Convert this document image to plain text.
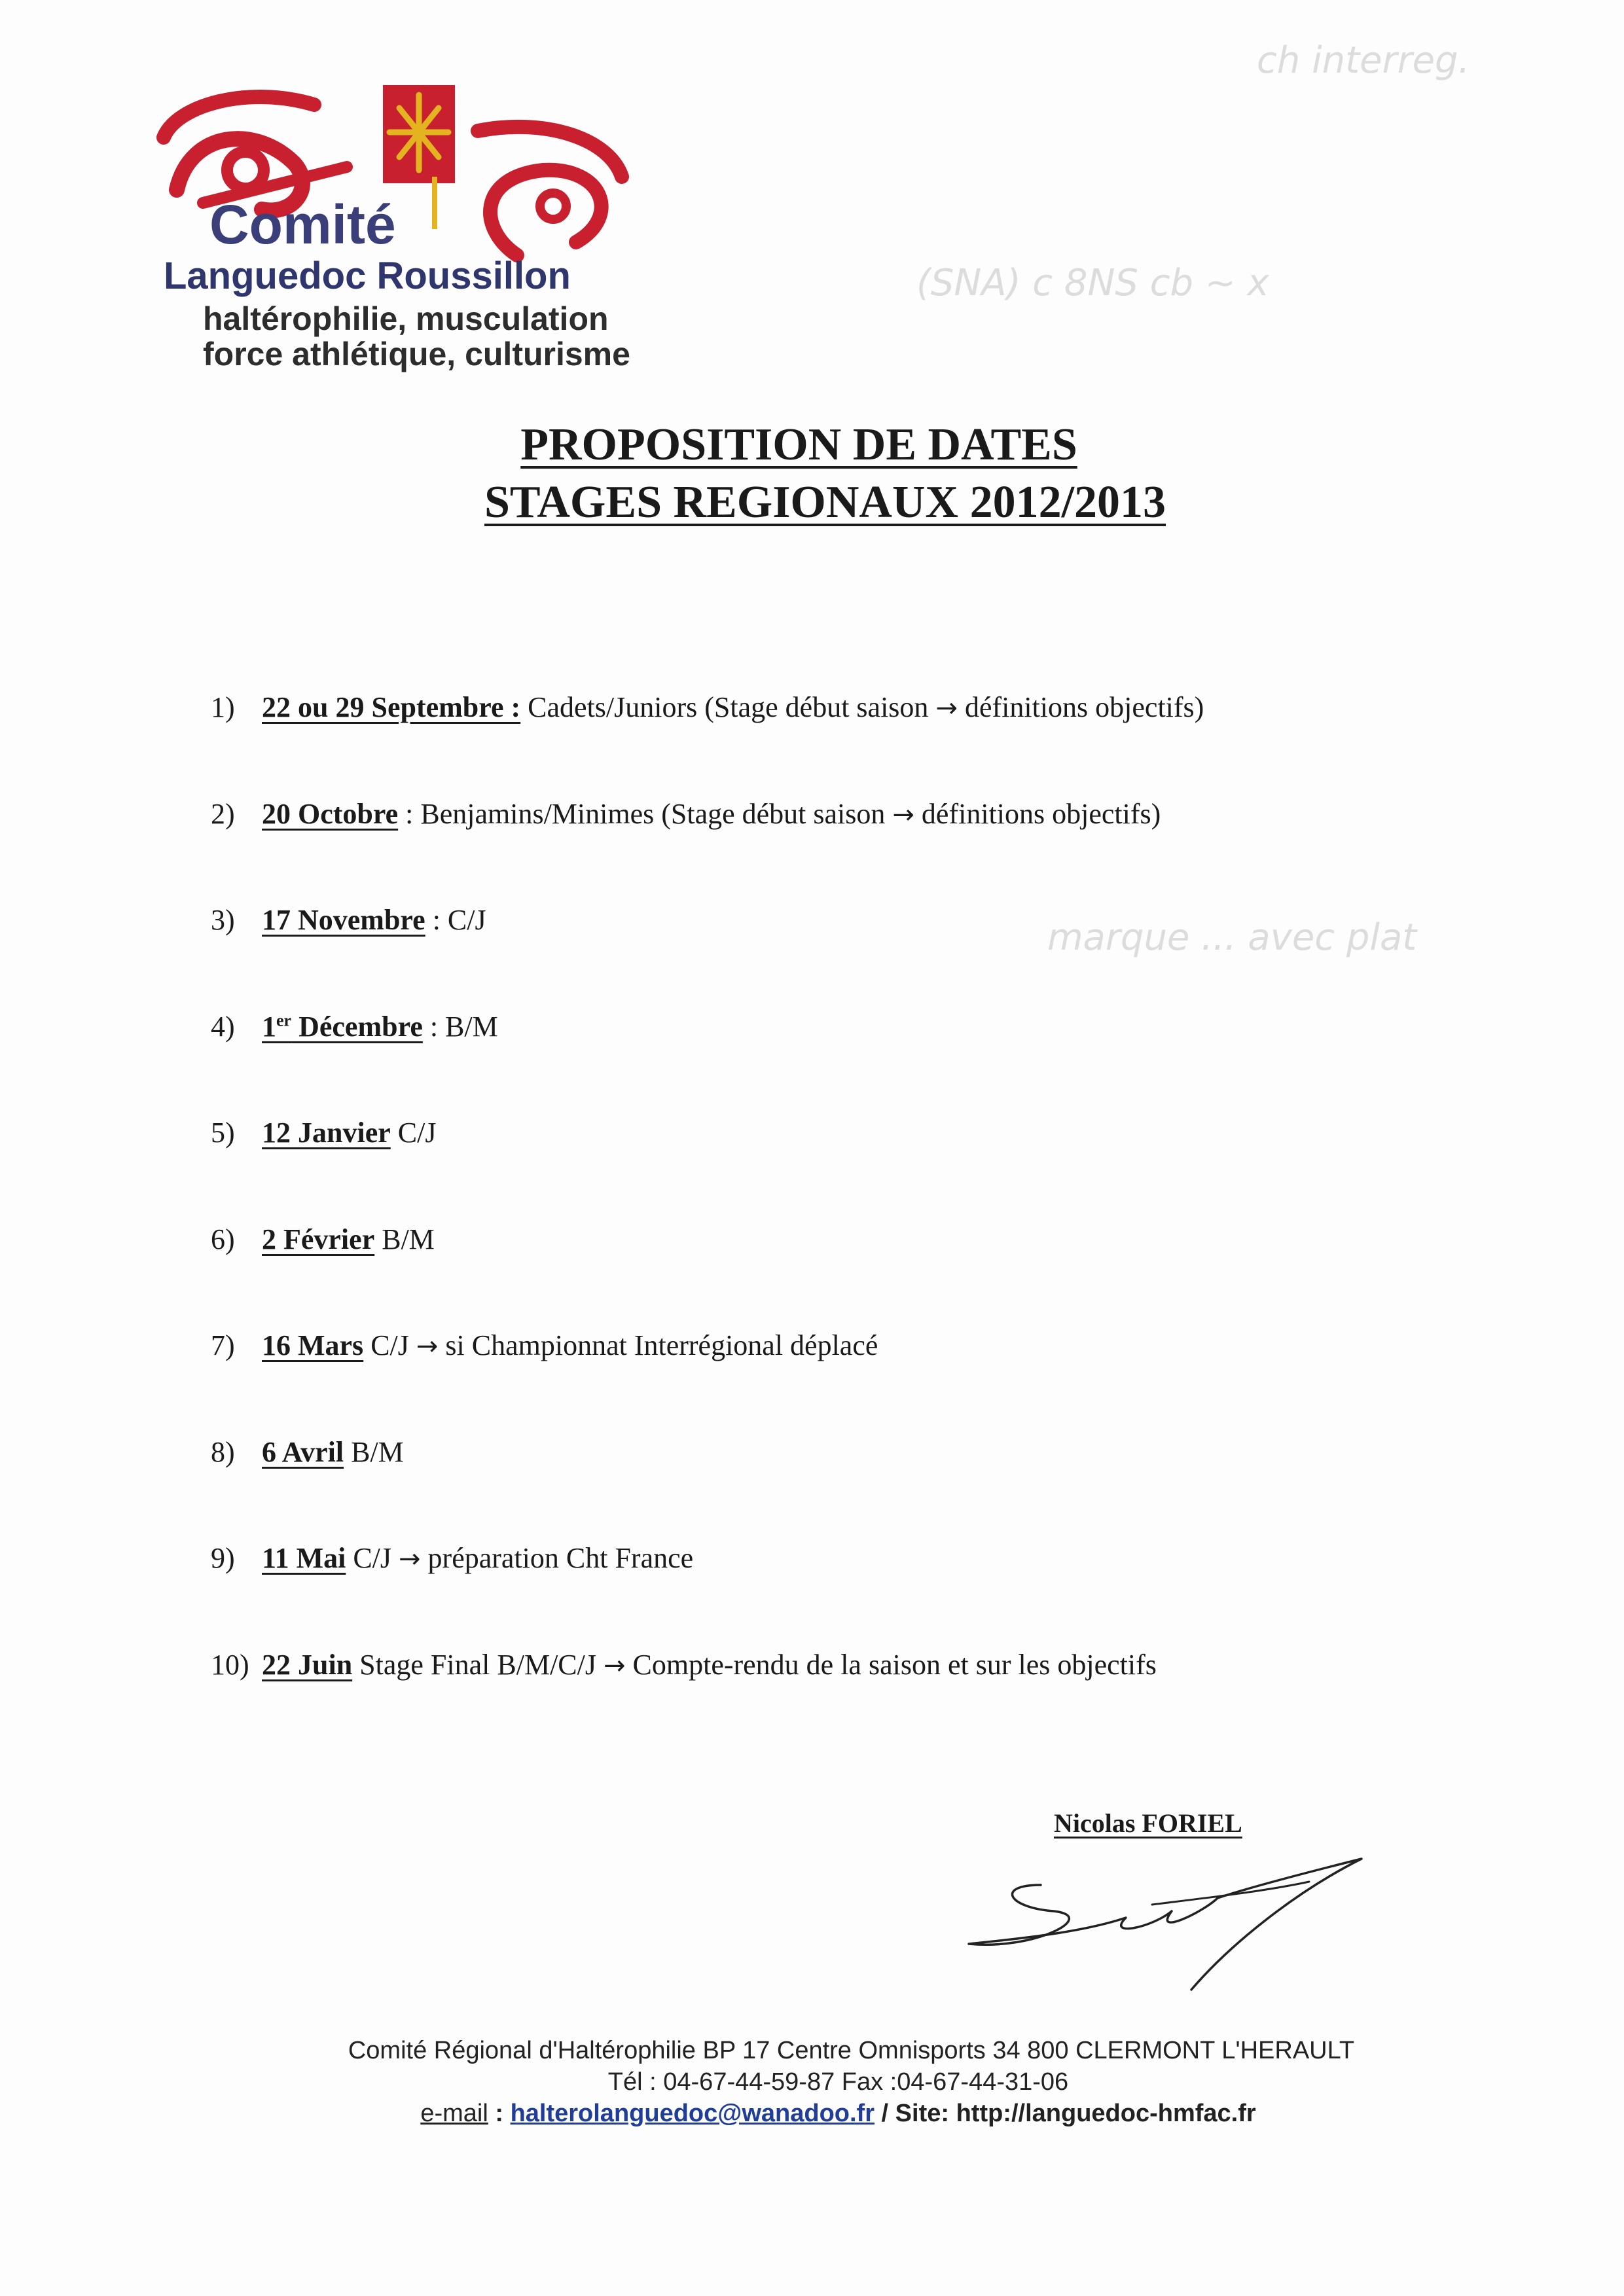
ch interreg.
(SNA) c 8NS cb ~ x
marque ... avec plat
Comité
Languedoc Roussillon
haltérophilie, musculation
force athlétique, culturisme
PROPOSITION DE DATES
STAGES REGIONAUX 2012/2013
1) 22 ou 29 Septembre : Cadets/Juniors (Stage début saison → définitions objectifs)
2) 20 Octobre : Benjamins/Minimes (Stage début saison → définitions objectifs)
3) 17 Novembre : C/J
4) 1er Décembre : B/M
5) 12 Janvier C/J
6) 2 Février B/M
7) 16 Mars C/J → si Championnat Interrégional déplacé
8) 6 Avril B/M
9) 11 Mai C/J → préparation Cht France
10) 22 Juin Stage Final B/M/C/J → Compte-rendu de la saison et sur les objectifs
Nicolas FORIEL
Comité Régional d'Haltérophilie BP 17 Centre Omnisports 34 800 CLERMONT L'HERAULT
Tél : 04-67-44-59-87 Fax :04-67-44-31-06
e-mail : halterolanguedoc@wanadoo.fr / Site: http://languedoc-hmfac.fr
